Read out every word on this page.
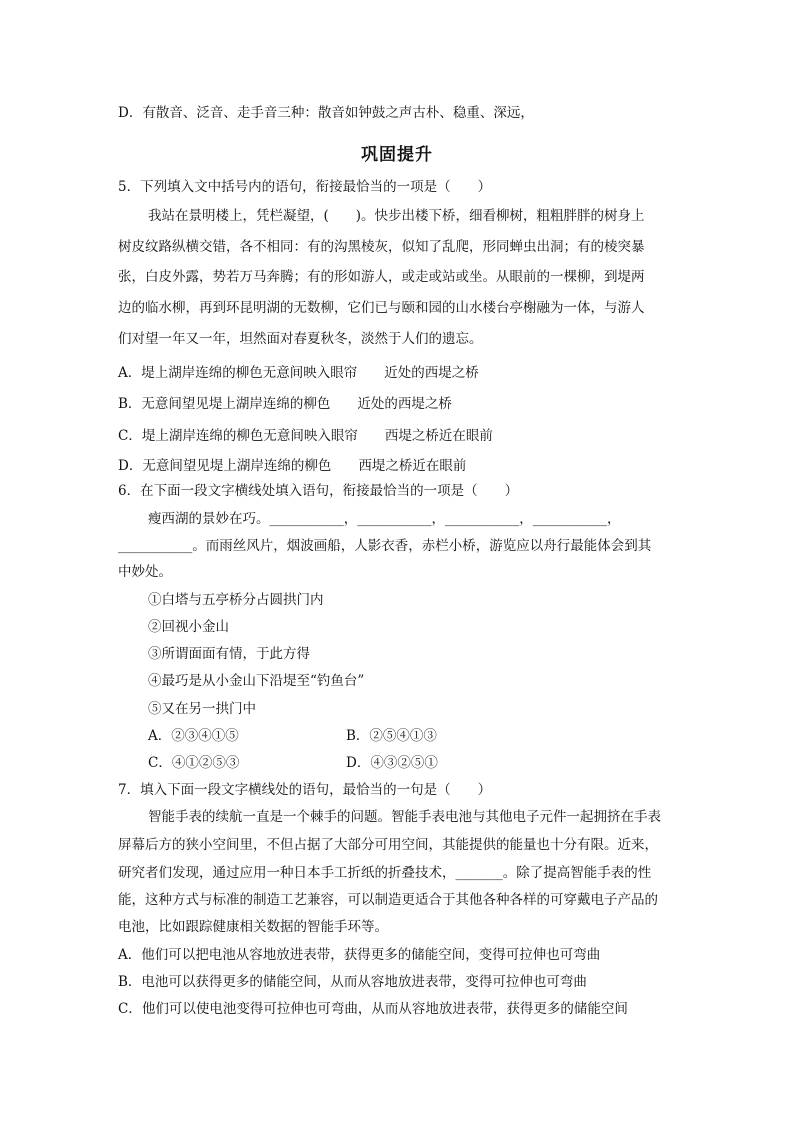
D．有散音、泛音、走手音三种：散音如钟鼓之声古朴、稳重、深远，
巩固提升
5．下列填入文中括号内的语句，衔接最恰当的一项是（　　）
我站在景明楼上，凭栏凝望，(　　)。快步出楼下桥，细看柳树，粗粗胖胖的树身上
树皮纹路纵横交错，各不相同：有的沟黑棱灰，似知了乱爬，形同蝉虫出洞；有的棱突暴
张，白皮外露，势若万马奔腾；有的形如游人，或走或站或坐。从眼前的一棵柳，到堤两
边的临水柳，再到环昆明湖的无数柳，它们已与颐和园的山水楼台亭榭融为一体，与游人
们对望一年又一年，坦然面对春夏秋冬，淡然于人们的遗忘。
A．堤上湖岸连绵的柳色无意间映入眼帘　　近处的西堤之桥
B．无意间望见堤上湖岸连绵的柳色　　近处的西堤之桥
C．堤上湖岸连绵的柳色无意间映入眼帘　　西堤之桥近在眼前
D．无意间望见堤上湖岸连绵的柳色　　西堤之桥近在眼前
6．在下面一段文字横线处填入语句，衔接最恰当的一项是（　　）
瘦西湖的景妙在巧。___________，___________，___________，___________，
___________。而雨丝风片，烟波画船，人影衣香，赤栏小桥，游览应以舟行最能体会到其
中妙处。
①白塔与五亭桥分占圆拱门内
②回视小金山
③所谓面面有情，于此方得
④最巧是从小金山下沿堤至“钓鱼台”
⑤又在另一拱门中
A．②③④①⑤	B．②⑤④①③
C．④①②⑤③	D．④③②⑤①
7．填入下面一段文字横线处的语句，最恰当的一句是（　　）
智能手表的续航一直是一个棘手的问题。智能手表电池与其他电子元件一起拥挤在手表
屏幕后方的狭小空间里，不但占据了大部分可用空间，其能提供的能量也十分有限。近来，
研究者们发现，通过应用一种日本手工折纸的折叠技术，_______。除了提高智能手表的性
能，这种方式与标准的制造工艺兼容，可以制造更适合于其他各种各样的可穿戴电子产品的
电池，比如跟踪健康相关数据的智能手环等。
A．他们可以把电池从容地放进表带，获得更多的储能空间，变得可拉伸也可弯曲
B．电池可以获得更多的储能空间，从而从容地放进表带，变得可拉伸也可弯曲
C．他们可以使电池变得可拉伸也可弯曲，从而从容地放进表带，获得更多的储能空间
